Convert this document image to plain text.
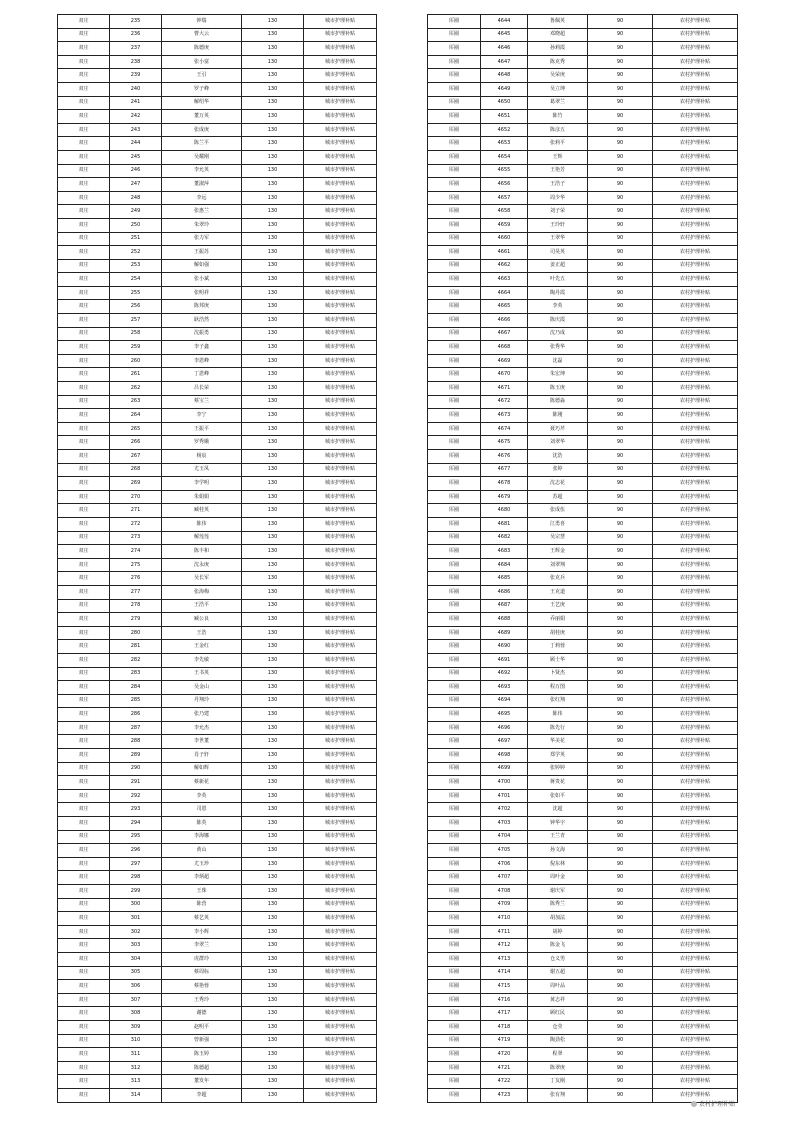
双庄	235	钟瑞	130	城市护理补贴
双庄	236	曹大云	130	城市护理补贴
双庄	237	陈德庚	130	城市护理补贴
双庄	238	张小富	130	城市护理补贴
双庄	239	王引	130	城市护理补贴
双庄	240	罗子峰	130	城市护理补贴
双庄	241	解绍华	130	城市护理补贴
双庄	242	董万英	130	城市护理补贴
双庄	243	张成庚	130	城市护理补贴
双庄	244	陈兰平	130	城市护理补贴
双庄	245	吴耀刚	130	城市护理补贴
双庄	246	李允英	130	城市护理补贴
双庄	247	董淑萍	130	城市护理补贴
双庄	248	李远	130	城市护理补贴
双庄	249	张惠兰	130	城市护理补贴
双庄	250	朱翠玲	130	城市护理补贴
双庄	251	张力军	130	城市护理补贴
双庄	252	王振苏	130	城市护理补贴
双庄	253	解如强	130	城市护理补贴
双庄	254	张小斌	130	城市护理补贴
双庄	255	张明祥	130	城市护理补贴
双庄	256	陈邦庚	130	城市护理补贴
双庄	257	耿浩然	130	城市护理补贴
双庄	258	沈振勇	130	城市护理补贴
双庄	259	李子鑫	130	城市护理补贴
双庄	260	李恩峰	130	城市护理补贴
双庄	261	丁恩峰	130	城市护理补贴
双庄	262	吕长荣	130	城市护理补贴
双庄	263	蔡宝兰	130	城市护理补贴
双庄	264	李宁	130	城市护理补贴
双庄	265	王振平	130	城市护理补贴
双庄	266	罗秀娥	130	城市护理补贴
双庄	267	杨宸	130	城市护理补贴
双庄	268	尤玉凤	130	城市护理补贴
双庄	269	李学明	130	城市护理补贴
双庄	270	朱娟娟	130	城市护理补贴
双庄	271	臧桂英	130	城市护理补贴
双庄	272	陈伟	130	城市护理补贴
双庄	273	解莲莲	130	城市护理补贴
双庄	274	陈丰和	130	城市护理补贴
双庄	275	沈永庚	130	城市护理补贴
双庄	276	吴长军	130	城市护理补贴
双庄	277	张海梅	130	城市护理补贴
双庄	278	王浩平	130	城市护理补贴
双庄	279	臧公良	130	城市护理补贴
双庄	280	王浩	130	城市护理补贴
双庄	281	王金红	130	城市护理补贴
双庄	282	李先敏	130	城市护理补贴
双庄	283	王书英	130	城市护理补贴
双庄	284	吴金山	130	城市护理补贴
双庄	285	丹翔玲	130	城市护理补贴
双庄	286	张乃建	130	城市护理补贴
双庄	287	李允杰	130	城市护理补贴
双庄	288	李世董	130	城市护理补贴
双庄	289	肖子轩	130	城市护理补贴
双庄	290	解如辉	130	城市护理补贴
双庄	291	蔡新花	130	城市护理补贴
双庄	292	李英	130	城市护理补贴
双庄	293	司恩	130	城市护理补贴
双庄	294	陈英	130	城市护理补贴
双庄	295	李海娜	130	城市护理补贴
双庄	296	黄山	130	城市护理补贴
双庄	297	尤玉珍	130	城市护理补贴
双庄	298	李炳超	130	城市护理补贴
双庄	299	王珠	130	城市护理补贴
双庄	300	陈营	130	城市护理补贴
双庄	301	蔡艺英	130	城市护理补贴
双庄	302	李小辉	130	城市护理补贴
双庄	303	李翠兰	130	城市护理补贴
双庄	304	虎群玲	130	城市护理补贴
双庄	305	蔡周标	130	城市护理补贴
双庄	306	蔡艳蓉	130	城市护理补贴
双庄	307	王秀玲	130	城市护理补贴
双庄	308	谢德	130	城市护理补贴
双庄	309	赵明平	130	城市护理补贴
双庄	310	曾新强	130	城市护理补贴
双庄	311	陈玉婷	130	城市护理补贴
双庄	312	陈德超	130	城市护理补贴
双庄	313	董发年	130	城市护理补贴
双庄	314	李超	130	城市护理补贴
厍圈	4644	鲁佩英	90	农村护理补贴
厍圈	4645	邓晓超	90	农村护理补贴
厍圈	4646	孙莉霞	90	农村护理补贴
厍圈	4647	陈克秀	90	农村护理补贴
厍圈	4648	吴荣庚	90	农村护理补贴
厍圈	4649	吴立坤	90	农村护理补贴
厍圈	4650	葛翠兰	90	农村护理补贴
厍圈	4651	陈竹	90	农村护理补贴
厍圈	4652	陈彦五	90	农村护理补贴
厍圈	4653	张莉平	90	农村护理补贴
厍圈	4654	王辉	90	农村护理补贴
厍圈	4655	王艳芳	90	农村护理补贴
厍圈	4656	王浩子	90	农村护理补贴
厍圈	4657	周少华	90	农村护理补贴
厍圈	4658	刘子荣	90	农村护理补贴
厍圈	4659	王玲轩	90	农村护理补贴
厍圈	4660	王翠华	90	农村护理补贴
厍圈	4661	司昊英	90	农村护理补贴
厍圈	4662	姜正超	90	农村护理补贴
厍圈	4663	叶先五	90	农村护理补贴
厍圈	4664	陶丹霞	90	农村护理补贴
厍圈	4665	李英	90	农村护理补贴
厍圈	4666	陈庆霞	90	农村护理补贴
厍圈	4667	沈乃成	90	农村护理补贴
厍圈	4668	张秀华	90	农村护理补贴
厍圈	4669	沈磊	90	农村护理补贴
厍圈	4670	朱宏坤	90	农村护理补贴
厍圈	4671	陈玉庚	90	农村护理补贴
厍圈	4672	陈德淼	90	农村护理补贴
厍圈	4673	陈刚	90	农村护理补贴
厍圈	4674	聂巧芹	90	农村护理补贴
厍圈	4675	刘翠华	90	农村护理补贴
厍圈	4676	沈浩	90	农村护理补贴
厍圈	4677	张婷	90	农村护理补贴
厍圈	4678	沈志花	90	农村护理补贴
厍圈	4679	苏超	90	农村护理补贴
厍圈	4680	张成伍	90	农村护理补贴
厍圈	4681	江勇喜	90	农村护理补贴
厍圈	4682	吴宗慧	90	农村护理补贴
厍圈	4683	王辉金	90	农村护理补贴
厍圈	4684	刘翠翔	90	农村护理补贴
厍圈	4685	张克兵	90	农村护理补贴
厍圈	4686	王克道	90	农村护理补贴
厍圈	4687	王艺庚	90	农村护理补贴
厍圈	4688	乔丽娟	90	农村护理补贴
厍圈	4689	胡桂庚	90	农村护理补贴
厍圈	4690	丁莉蓉	90	农村护理补贴
厍圈	4691	顾士华	90	农村护理补贴
厍圈	4692	卜贤杰	90	农村护理补贴
厍圈	4693	程万图	90	农村护理补贴
厍圈	4694	张红翔	90	农村护理补贴
厍圈	4695	陈伟	90	农村护理补贴
厍圈	4696	陈先行	90	农村护理补贴
厍圈	4697	华美花	90	农村护理补贴
厍圈	4698	郑学英	90	农村护理补贴
厍圈	4699	张婷婷	90	农村护理补贴
厍圈	4700	蒋贵花	90	农村护理补贴
厍圈	4701	张如平	90	农村护理补贴
厍圈	4702	沈超	90	农村护理补贴
厍圈	4703	钟华宇	90	农村护理补贴
厍圈	4704	王兰青	90	农村护理补贴
厍圈	4705	孙文海	90	农村护理补贴
厍圈	4706	倪东林	90	农村护理补贴
厍圈	4707	周叶金	90	农村护理补贴
厍圈	4708	谢庆军	90	农村护理补贴
厍圈	4709	陈秀兰	90	农村护理补贴
厍圈	4710	胡加法	90	农村护理补贴
厍圈	4711	胡婷	90	农村护理补贴
厍圈	4712	陈金飞	90	农村护理补贴
厍圈	4713	仓义男	90	农村护理补贴
厍圈	4714	谢五超	90	农村护理补贴
厍圈	4715	周叶品	90	农村护理补贴
厍圈	4716	黄志祥	90	农村护理补贴
厍圈	4717	顾红民	90	农村护理补贴
厍圈	4718	仓莹	90	农村护理补贴
厍圈	4719	陶劲松	90	农村护理补贴
厍圈	4720	程翠	90	农村护理补贴
厍圈	4721	陈翠庚	90	农村护理补贴
厍圈	4722	丁友刚	90	农村护理补贴
厍圈	4723	张有翔	90	农村护理补贴
农村护理补贴
